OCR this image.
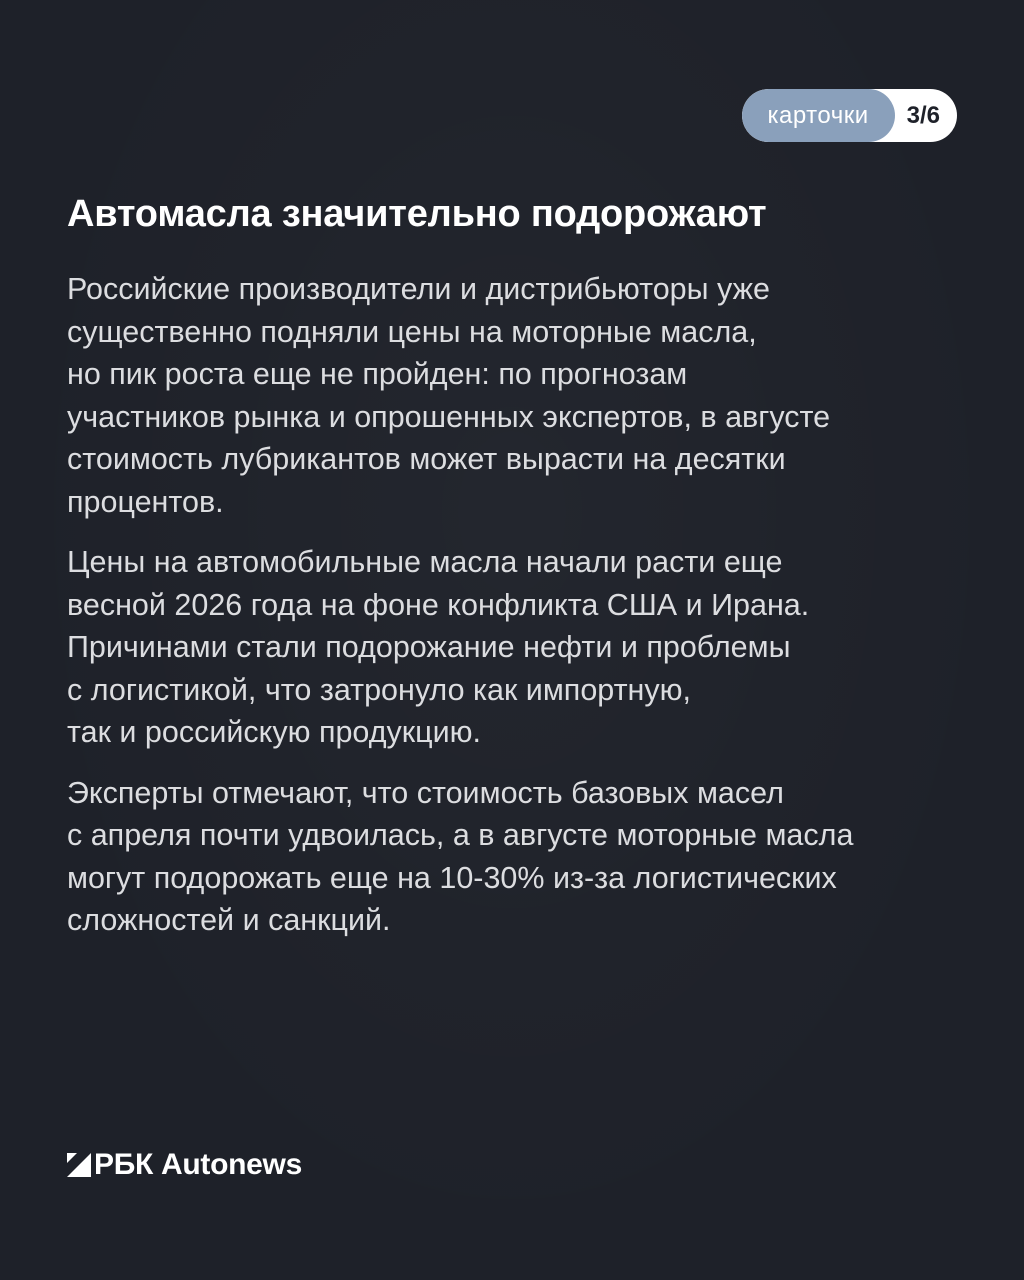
карточки	3/6
Автомасла значительно подорожают

Российские производители и дистрибьюторы уже
существенно подняли цены на моторные масла,
но пик роста еще не пройден: по прогнозам
участников рынка и опрошенных экспертов, в августе
стоимость лубрикантов может вырасти на десятки
процентов.

Цены на автомобильные масла начали расти еще
весной 2026 года на фоне конфликта США и Ирана.
Причинами стали подорожание нефти и проблемы
с логистикой, что затронуло как импортную,
так и российскую продукцию.

Эксперты отмечают, что стоимость базовых масел
с апреля почти удвоилась, а в августе моторные масла
могут подорожать еще на 10-30% из-за логистических
сложностей и санкций.

РБК Autonews
